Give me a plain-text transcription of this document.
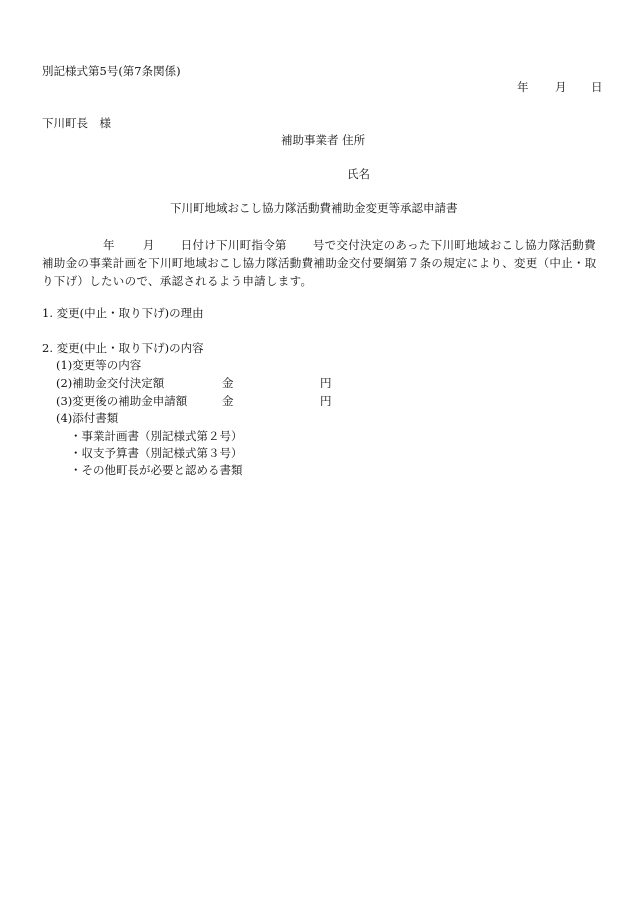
別記様式第5号(第7条関係)
年 月 日
下川町長　様
補助事業者 住所
氏名
下川町地域おこし協力隊活動費補助金変更等承認申請書
年 月 日付け下川町指令第 号で交付決定のあった下川町地域おこし協力隊活動費補助金の事業計画を下川町地域おこし協力隊活動費補助金交付要綱第７条の規定により、変更（中止・取り下げ）したいので、承認されるよう申請します。
1. 変更(中止・取り下げ)の理由
2. 変更(中止・取り下げ)の内容
(1)変更等の内容
(2)補助金交付決定額	金	円
(3)変更後の補助金申請額	金	円
(4)添付書類
・事業計画書（別記様式第２号）
・収支予算書（別記様式第３号）
・その他町長が必要と認める書類
